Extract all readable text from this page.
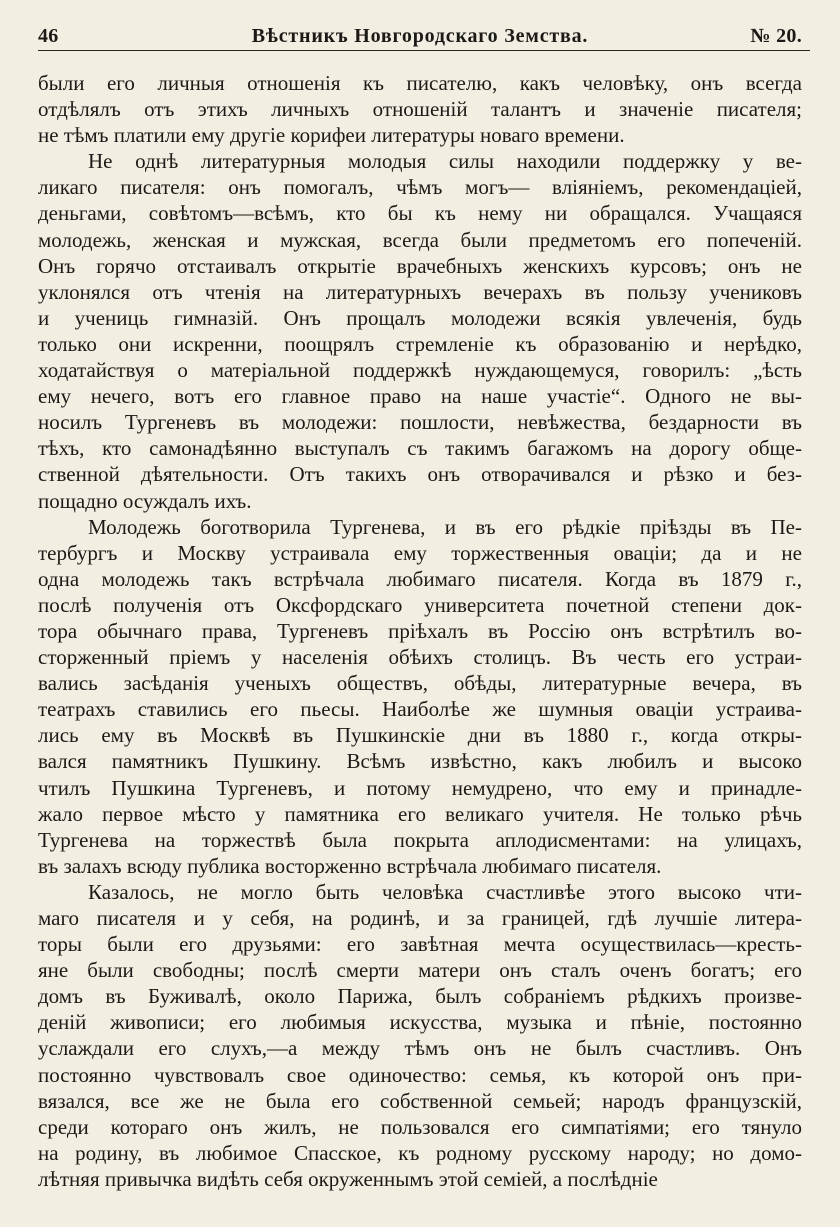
46	Вѣстникъ Новгородскаго Земства.	№ 20.
были его личныя отношенія къ писателю, какъ человѣку, онъ всегда
отдѣлялъ отъ этихъ личныхъ отношеній талантъ и значеніе писателя;
не тѣмъ платили ему другіе корифеи литературы новаго времени.
Не однѣ литературныя молодыя силы находили поддержку у ве-
ликаго писателя: онъ помогалъ, чѣмъ могъ— вліяніемъ, рекомендаціей,
деньгами, совѣтомъ—всѣмъ, кто бы къ нему ни обращался. Учащаяся
молодежь, женская и мужская, всегда были предметомъ его попеченій.
Онъ горячо отстаивалъ открытіе врачебныхъ женскихъ курсовъ; онъ не
уклонялся отъ чтенія на литературныхъ вечерахъ въ пользу учениковъ
и учениць гимназій. Онъ прощалъ молодежи всякія увлеченія, будь
только они искренни, поощрялъ стремленіе къ образованію и нерѣдко,
ходатайствуя о матеріальной поддержкѣ нуждающемуся, говорилъ: „ѣсть
ему нечего, вотъ его главное право на наше участіе“. Одного не вы-
носилъ Тургеневъ въ молодежи: пошлости, невѣжества, бездарности въ
тѣхъ, кто самонадѣянно выступалъ съ такимъ багажомъ на дорогу обще-
ственной дѣятельности. Отъ такихъ онъ отворачивался и рѣзко и без-
пощадно осуждалъ ихъ.
Молодежь боготворила Тургенева, и въ его рѣдкіе пріѣзды въ Пе-
тербургъ и Москву устраивала ему торжественныя оваціи; да и не
одна молодежь такъ встрѣчала любимаго писателя. Когда въ 1879 г.,
послѣ полученія отъ Оксфордскаго университета почетной степени док-
тора обычнаго права, Тургеневъ пріѣхалъ въ Россію онъ встрѣтилъ во-
сторженный пріемъ у населенія обѣихъ столицъ. Въ честь его устраи-
вались засѣданія ученыхъ обществъ, обѣды, литературные вечера, въ
театрахъ ставились его пьесы. Наиболѣе же шумныя оваціи устраива-
лись ему въ Москвѣ въ Пушкинскіе дни въ 1880 г., когда откры-
вался памятникъ Пушкину. Всѣмъ извѣстно, какъ любилъ и высоко
чтилъ Пушкина Тургеневъ, и потому немудрено, что ему и принадле-
жало первое мѣсто у памятника его великаго учителя. Не только рѣчь
Тургенева на торжествѣ была покрыта аплодисментами: на улицахъ,
въ залахъ всюду публика восторженно встрѣчала любимаго писателя.
Казалось, не могло быть человѣка счастливѣе этого высоко чти-
маго писателя и у себя, на родинѣ, и за границей, гдѣ лучшіе литера-
торы были его друзьями: его завѣтная мечта осуществилась—кресть-
яне были свободны; послѣ смерти матери онъ сталъ оченъ богатъ; его
домъ въ Буживалѣ, около Парижа, былъ собраніемъ рѣдкихъ произве-
деній живописи; его любимыя искусства, музыка и пѣніе, постоянно
услаждали его слухъ,—а между тѣмъ онъ не былъ счастливъ. Онъ
постоянно чувствовалъ свое одиночество: семья, къ которой онъ при-
вязался, все же не была его собственной семьей; народъ французскій,
среди котораго онъ жилъ, не пользовался его симпатіями; его тянуло
на родину, въ любимое Спасское, къ родному русскому народу; но домо-
лѣтняя привычка видѣть себя окруженнымъ этой семіей, а послѣдніе
